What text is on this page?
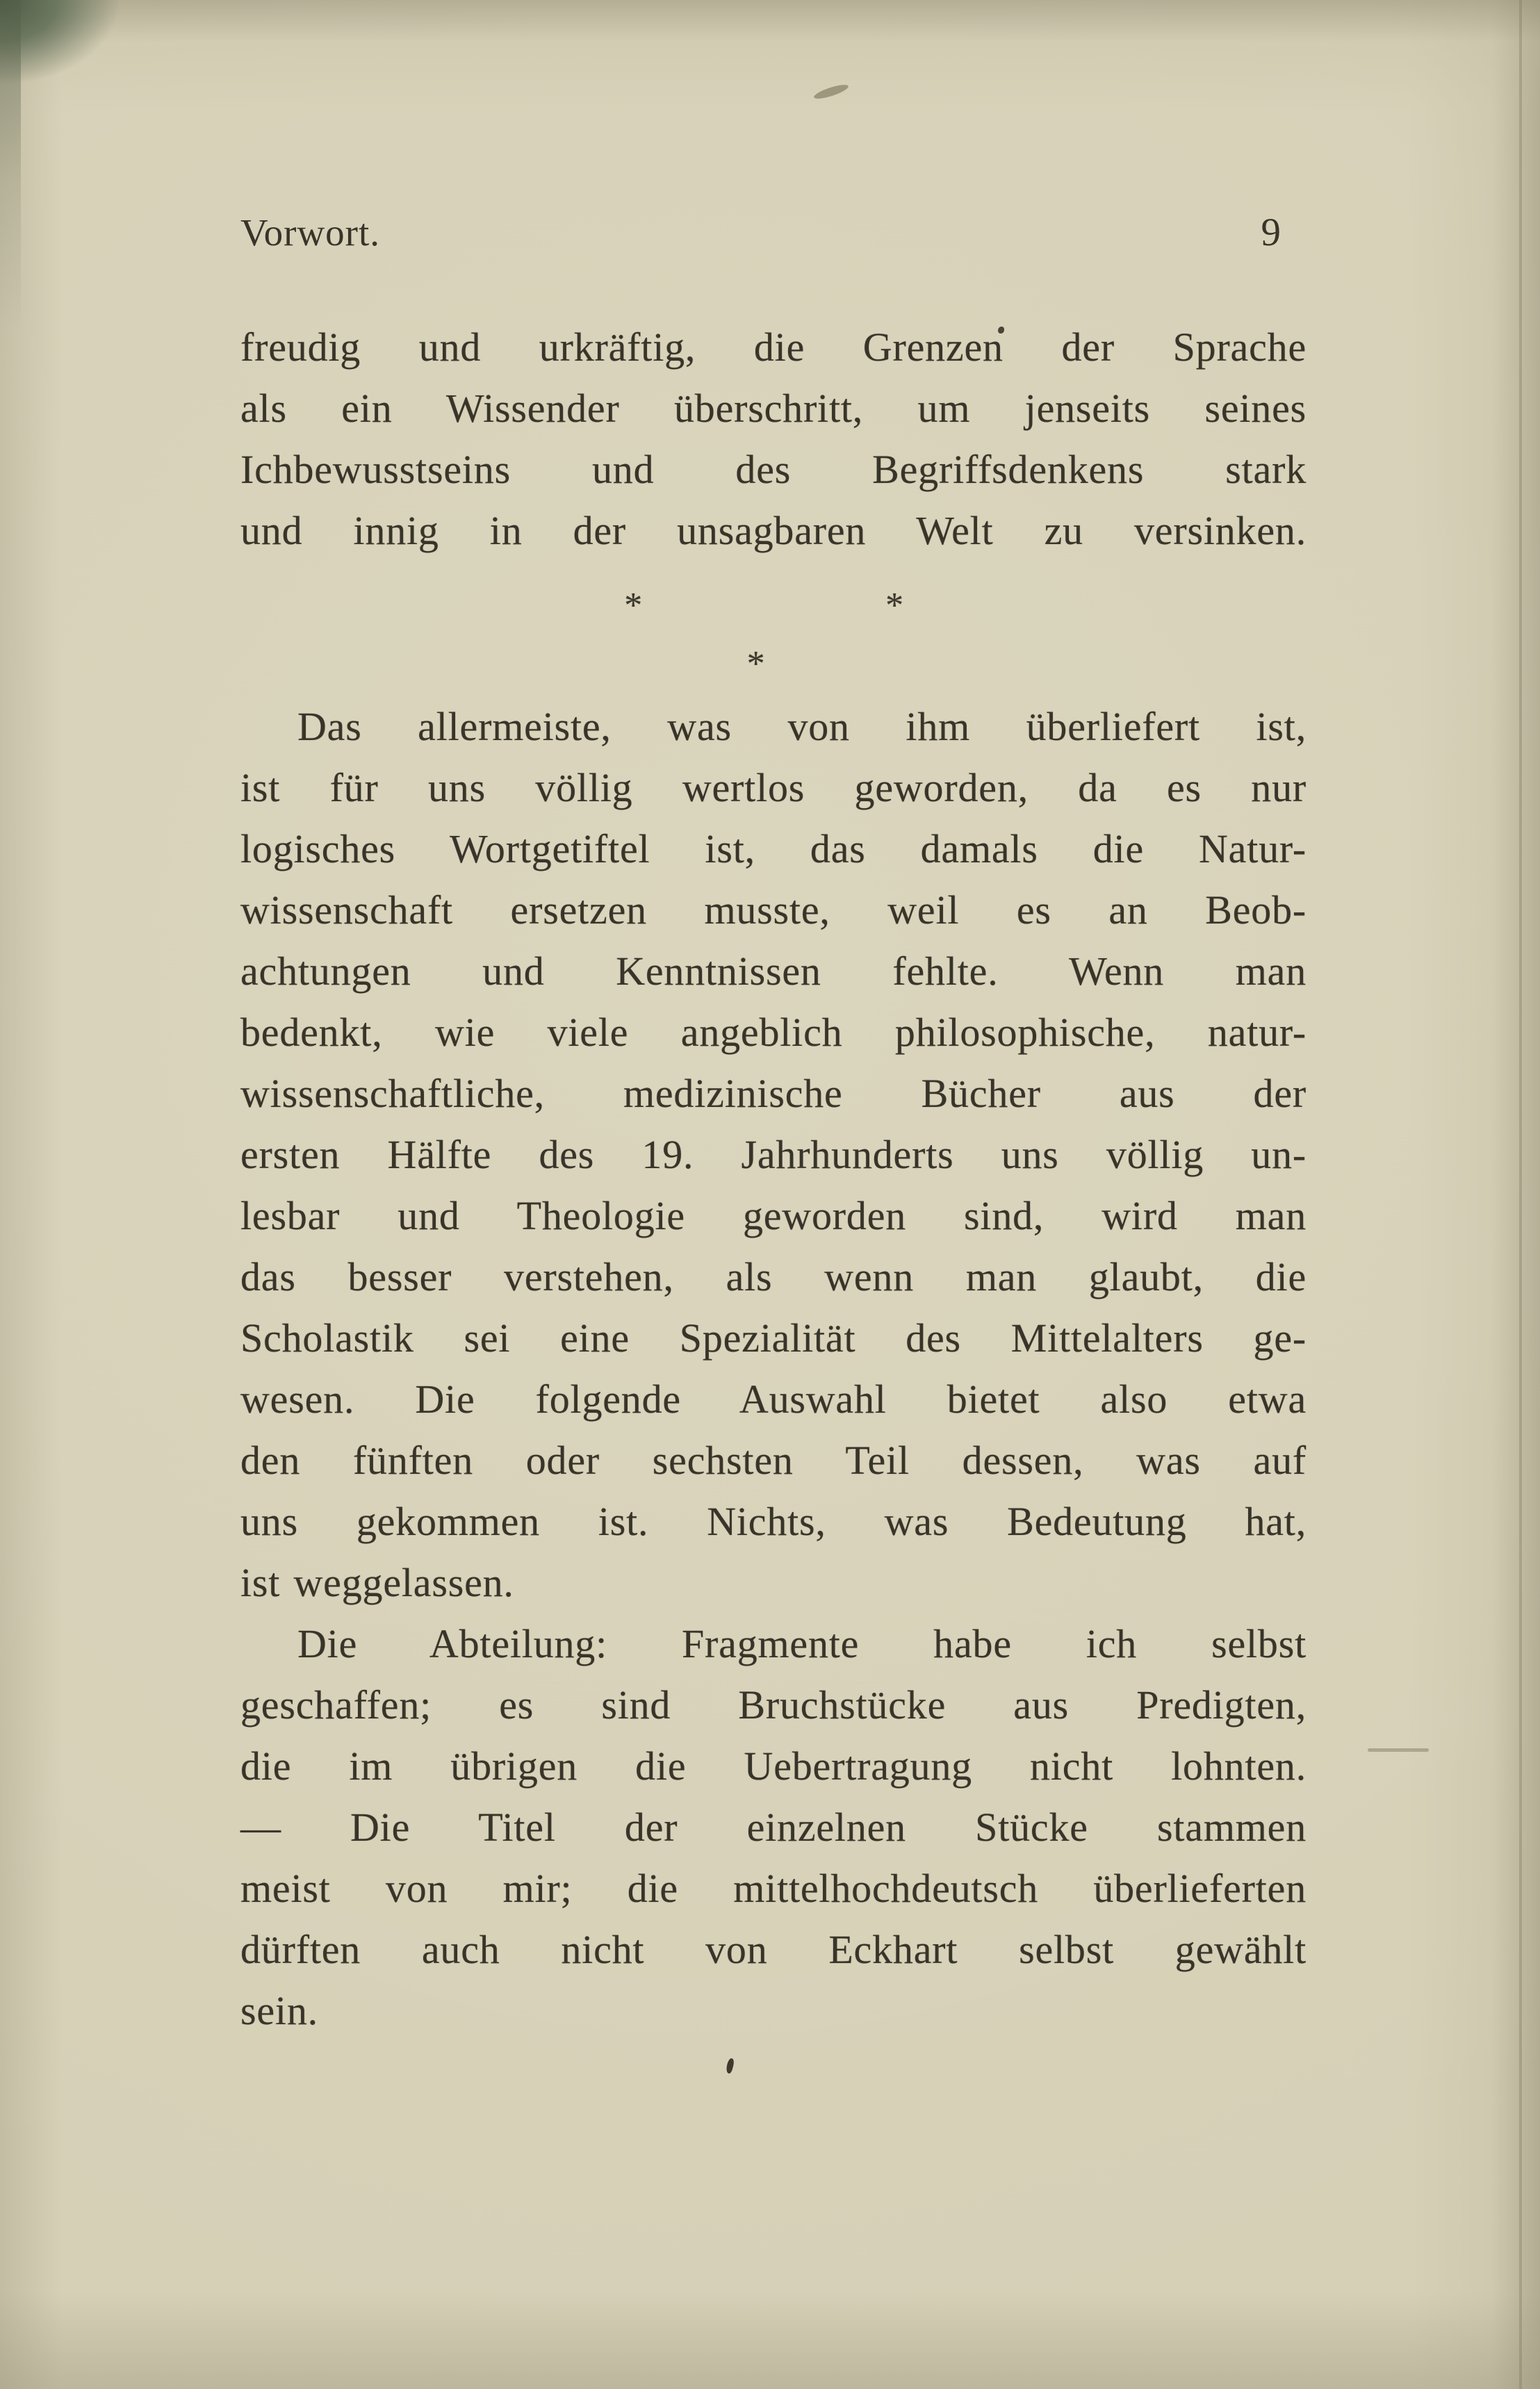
Vorwort.	9
freudig und urkräftig, die Grenzen der Sprache
als ein Wissender überschritt, um jenseits seines
Ichbewusstseins und des Begriffsdenkens stark
und innig in der unsagbaren Welt zu versinken.
*	*
*
Das allermeiste, was von ihm überliefert ist,
ist für uns völlig wertlos geworden, da es nur
logisches Wortgetiftel ist, das damals die Natur-
wissenschaft ersetzen musste, weil es an Beob-
achtungen und Kenntnissen fehlte. Wenn man
bedenkt, wie viele angeblich philosophische, natur-
wissenschaftliche, medizinische Bücher aus der
ersten Hälfte des 19. Jahrhunderts uns völlig un-
lesbar und Theologie geworden sind, wird man
das besser verstehen, als wenn man glaubt, die
Scholastik sei eine Spezialität des Mittelalters ge-
wesen. Die folgende Auswahl bietet also etwa
den fünften oder sechsten Teil dessen, was auf
uns gekommen ist. Nichts, was Bedeutung hat,
ist weggelassen.
Die Abteilung: Fragmente habe ich selbst
geschaffen; es sind Bruchstücke aus Predigten,
die im übrigen die Uebertragung nicht lohnten.
— Die Titel der einzelnen Stücke stammen
meist von mir; die mittelhochdeutsch überlieferten
dürften auch nicht von Eckhart selbst gewählt
sein.
